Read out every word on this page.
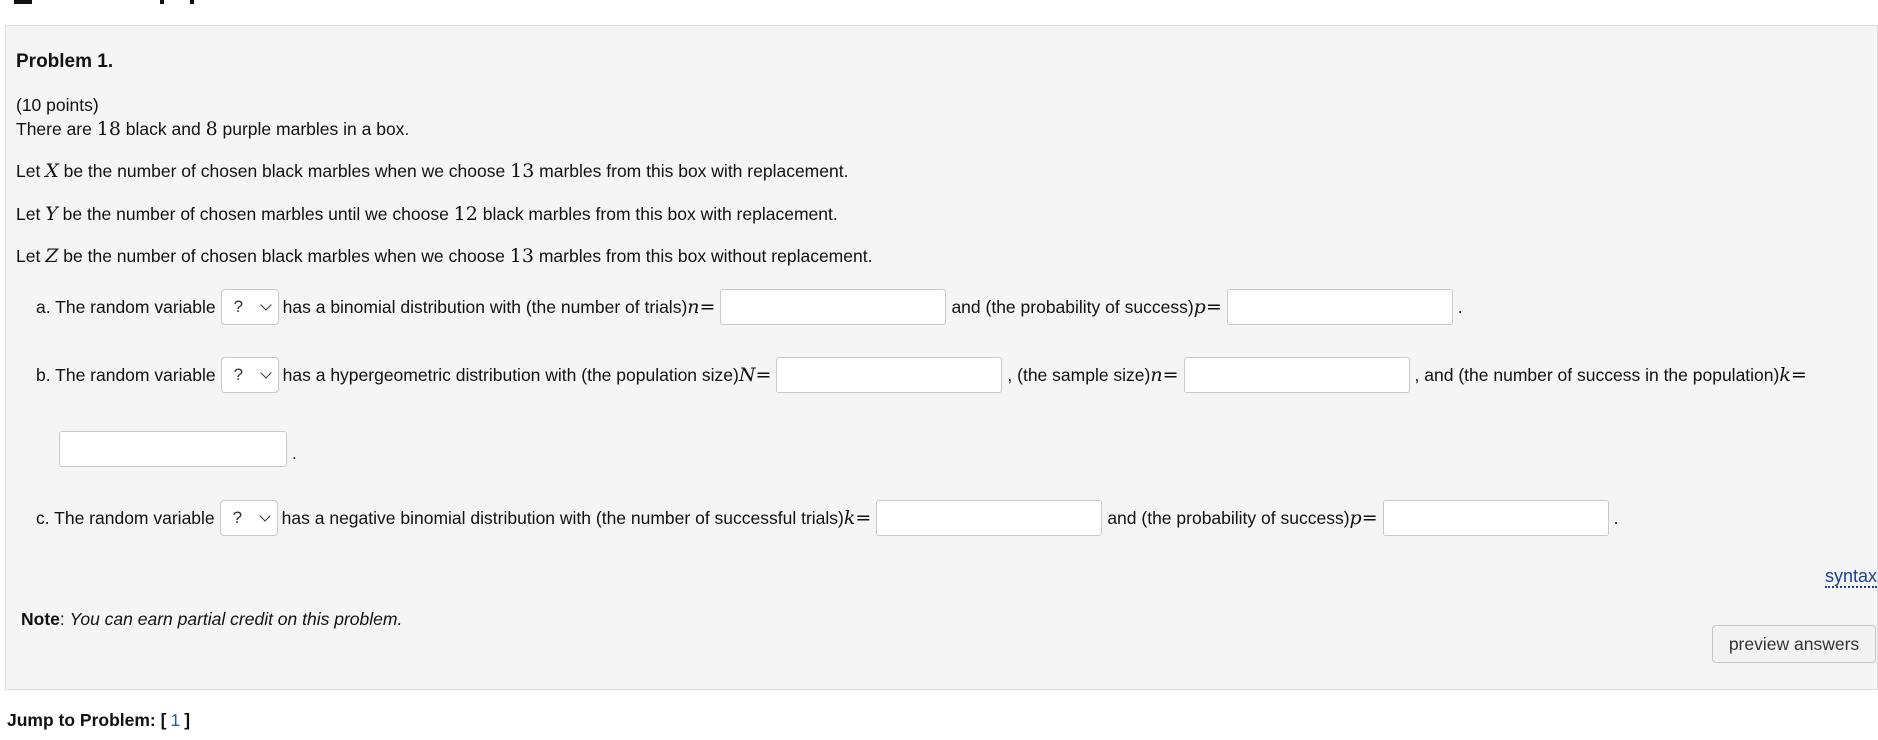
Problem 1.
(10 points)
There are 18 black and 8 purple marbles in a box.
Let X be the number of chosen black marbles when we choose 13 marbles from this box with replacement.
Let Y be the number of chosen marbles until we choose 12 black marbles from this box with replacement.
Let Z be the number of chosen black marbles when we choose 13 marbles from this box without replacement.
a. The random variable ? has a binomial distribution with (the number of trials) n =	and (the probability of success) p =	.
b. The random variable ? has a hypergeometric distribution with (the population size) N =	, (the sample size) n =	, and (the number of success in the population) k =
.
c. The random variable ? has a negative binomial distribution with (the number of successful trials) k =	and (the probability of success) p =	.
syntax
Note: You can earn partial credit on this problem.
preview answers
Jump to Problem: [ 1 ]
